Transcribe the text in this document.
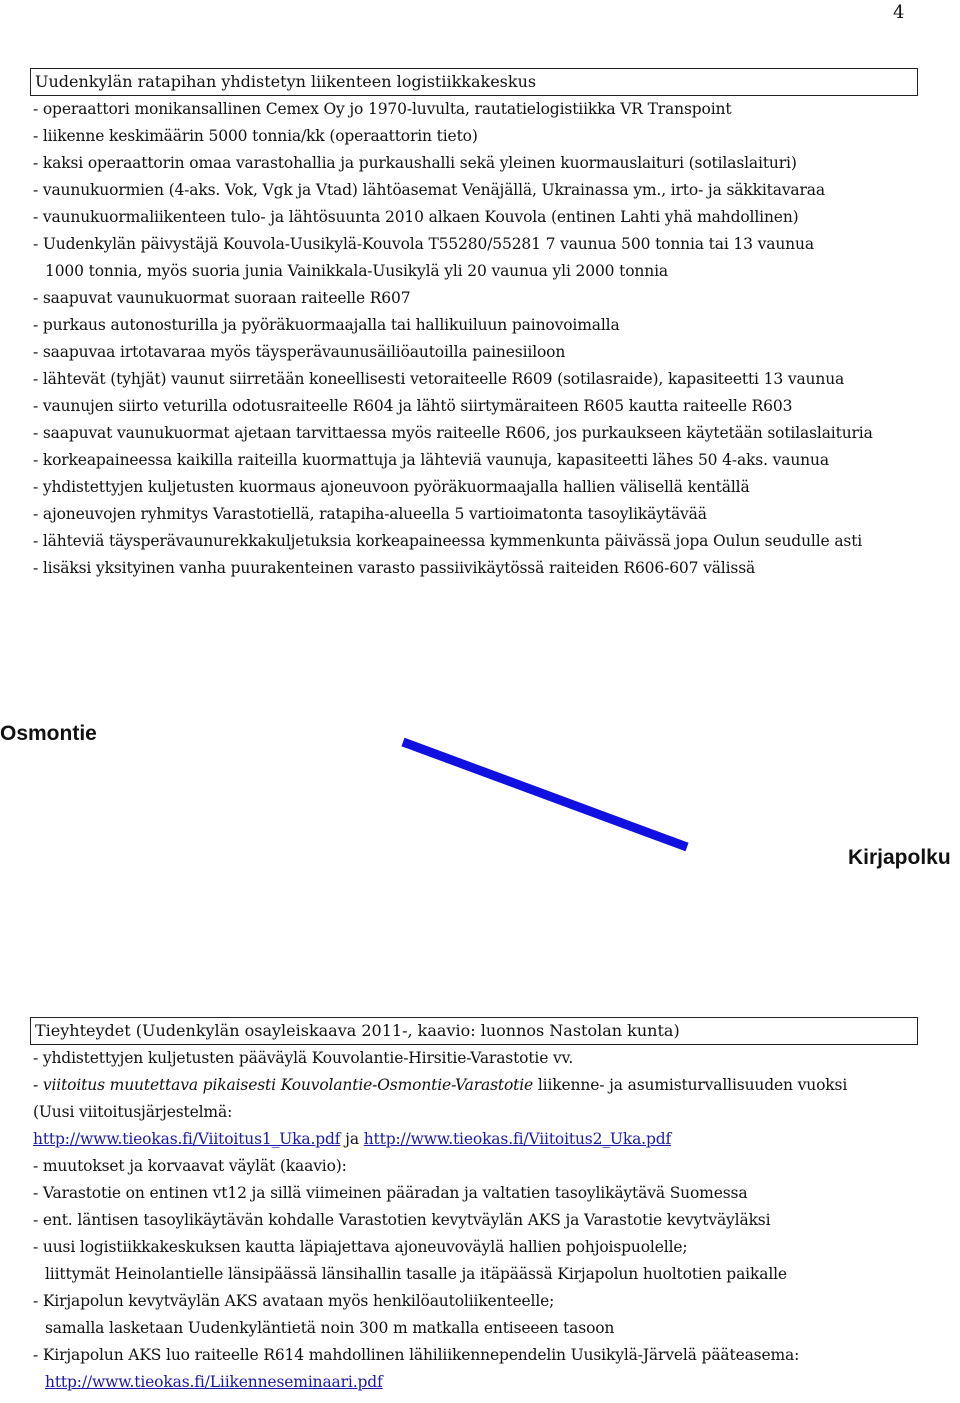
4
Uudenkylän ratapihan yhdistetyn liikenteen logistiikkakeskus
- operaattori monikansallinen Cemex Oy jo 1970-luvulta, rautatielogistiikka VR Transpoint
- liikenne keskimäärin 5000 tonnia/kk (operaattorin tieto)
- kaksi operaattorin omaa varastohallia ja purkaushalli sekä yleinen kuormauslaituri (sotilaslaituri)
- vaunukuormien (4-aks. Vok, Vgk ja Vtad) lähtöasemat Venäjällä, Ukrainassa ym., irto- ja säkkitavaraa
- vaunukuormaliikenteen tulo- ja lähtösuunta 2010 alkaen Kouvola (entinen Lahti yhä mahdollinen)
- Uudenkylän päivystäjä Kouvola-Uusikylä-Kouvola T55280/55281 7 vaunua 500 tonnia tai 13 vaunua
1000 tonnia, myös suoria junia Vainikkala-Uusikylä yli 20 vaunua yli 2000 tonnia
- saapuvat vaunukuormat suoraan raiteelle R607
- purkaus autonosturilla ja pyöräkuormaajalla tai hallikuiluun painovoimalla
- saapuvaa irtotavaraa myös täysperävaunusäiliöautoilla painesiiloon
- lähtevät (tyhjät) vaunut siirretään koneellisesti vetoraiteelle R609 (sotilasraide), kapasiteetti 13 vaunua
- vaunujen siirto veturilla odotusraiteelle R604 ja lähtö siirtymäraiteen R605 kautta raiteelle R603
- saapuvat vaunukuormat ajetaan tarvittaessa myös raiteelle R606, jos purkaukseen käytetään sotilaslaituria
- korkeapaineessa kaikilla raiteilla kuormattuja ja lähteviä vaunuja, kapasiteetti lähes 50 4-aks. vaunua
- yhdistettyjen kuljetusten kuormaus ajoneuvoon pyöräkuormaajalla hallien välisellä kentällä
- ajoneuvojen ryhmitys Varastotiellä, ratapiha-alueella 5 vartioimatonta tasoylikäytävää
- lähteviä täysperävaunurekkakuljetuksia korkeapaineessa kymmenkunta päivässä jopa Oulun seudulle asti
- lisäksi yksityinen vanha puurakenteinen varasto passiivikäytössä raiteiden R606-607 välissä
Osmontie
Kirjapolku
Tieyhteydet (Uudenkylän osayleiskaava 2011-, kaavio: luonnos Nastolan kunta)
- yhdistettyjen kuljetusten pääväylä Kouvolantie-Hirsitie-Varastotie vv.
- viitoitus muutettava pikaisesti Kouvolantie-Osmontie-Varastotie liikenne- ja asumisturvallisuuden vuoksi
(Uusi viitoitusjärjestelmä:
http://www.tieokas.fi/Viitoitus1_Uka.pdf ja http://www.tieokas.fi/Viitoitus2_Uka.pdf
- muutokset ja korvaavat väylät (kaavio):
- Varastotie on entinen vt12 ja sillä viimeinen pääradan ja valtatien tasoylikäytävä Suomessa
- ent. läntisen tasoylikäytävän kohdalle Varastotien kevytväylän AKS ja Varastotie kevytväyläksi
- uusi logistiikkakeskuksen kautta läpiajettava ajoneuvoväylä hallien pohjoispuolelle;
liittymät Heinolantielle länsipäässä länsihallin tasalle ja itäpäässä Kirjapolun huoltotien paikalle
- Kirjapolun kevytväylän AKS avataan myös henkilöautoliikenteelle;
samalla lasketaan Uudenkyläntietä noin 300 m matkalla entiseeen tasoon
- Kirjapolun AKS luo raiteelle R614 mahdollinen lähiliikennependelin Uusikylä-Järvelä pääteasema:
http://www.tieokas.fi/Liikenneseminaari.pdf
